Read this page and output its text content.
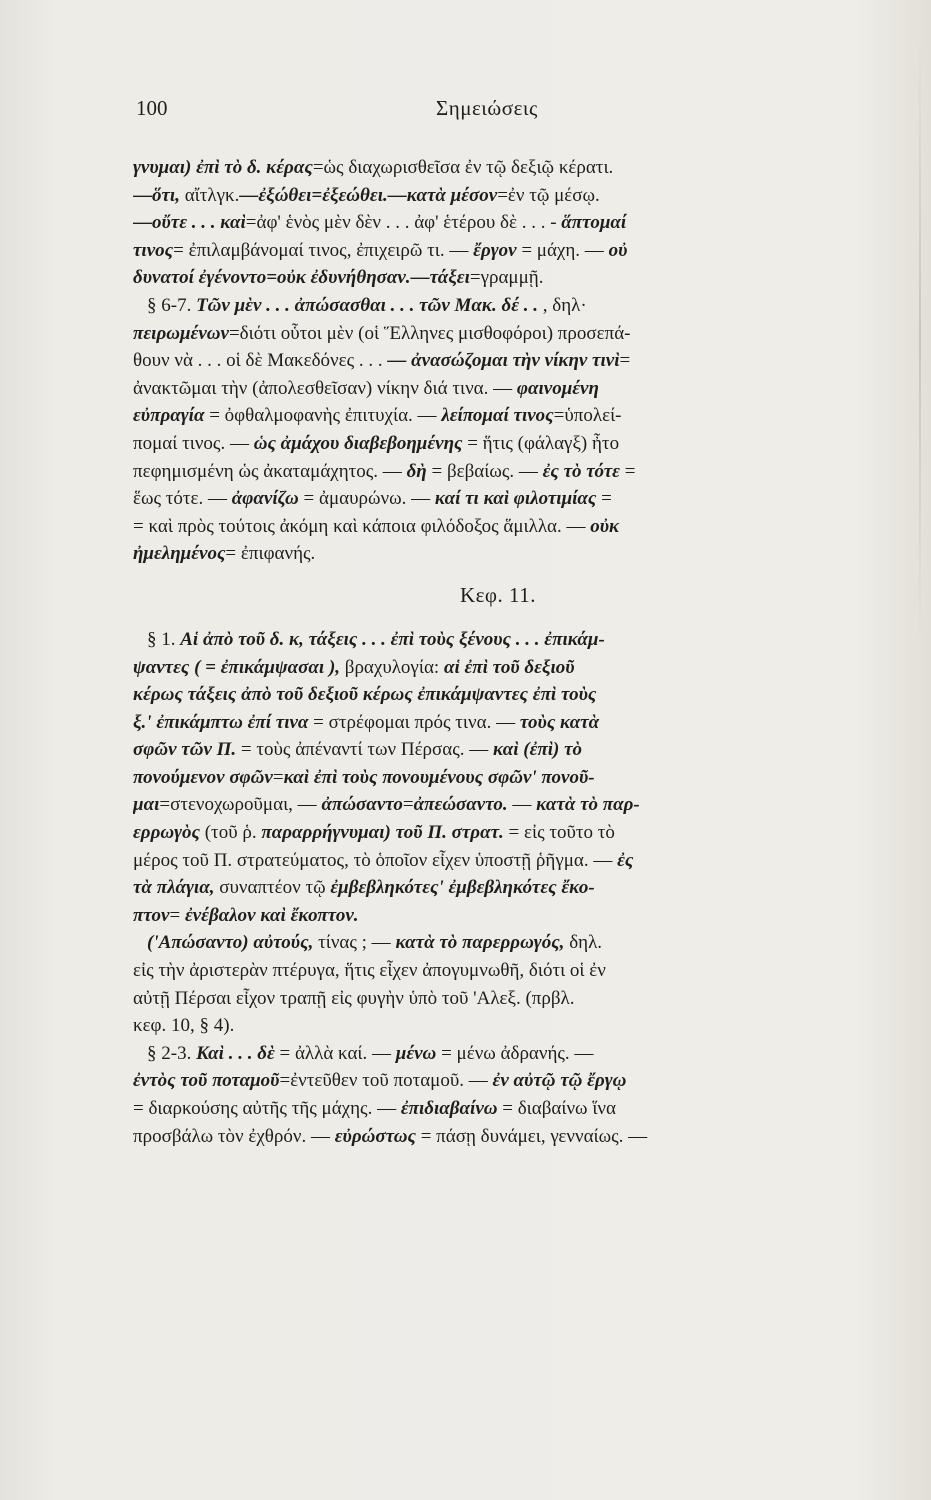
100	Σημειώσεις
γνυμαι) ἐπὶ τὸ δ. κέρας=ὡς διαχωρισθεῖσα ἐν τῷ δεξιῷ κέρατι.
—ὅτι, αἴτλγκ.—ἐξώθει=ἐξεώθει.—κατὰ μέσον=ἐν τῷ μέσῳ.
—οὔτε . . . καὶ=ἀφ' ἑνὸς μὲν δὲν . . . ἀφ' ἑτέρου δὲ . . . - ἅπτομαί
τινος= ἐπιλαμβάνομαί τινος, ἐπιχειρῶ τι. — ἔργον = μάχη. — οὐ
δυνατοί ἐγένοντο=οὐκ ἐδυνήθησαν.—τάξει=γραμμῇ.
§ 6-7. Τῶν μὲν . . . ἀπώσασθαι . . . τῶν Μακ. δέ . . , δηλ·
πειρωμένων=διότι οὗτοι μὲν (οἱ Ἕλληνες μισθοφόροι) προσεπά-
θουν νὰ . . . οἱ δὲ Μακεδόνες . . . — ἀνασώζομαι τὴν νίκην τινὶ=
ἀνακτῶμαι τὴν (ἀπολεσθεῖσαν) νίκην διά τινα. — φαινομένη
εὐπραγία = ὀφθαλμοφανὴς ἐπιτυχία. — λείπομαί τινος=ὑπολεί-
πομαί τινος. — ὡς ἀμάχου διαβεβοημένης = ἥτις (φάλαγξ) ἦτο
πεφημισμένη ὡς ἀκαταμάχητος. — δὴ = βεβαίως. — ἐς τὸ τότε =
ἕως τότε. — ἀφανίζω = ἀμαυρώνω. — καί τι καὶ φιλοτιμίας =
= καὶ πρὸς τούτοις ἀκόμη καὶ κάποια φιλόδοξος ἅμιλλα. — οὐκ
ἠμελημένος= ἐπιφανής.
Κεφ. 11.
§ 1. Αἱ ἀπὸ τοῦ δ. κ, τάξεις . . . ἐπὶ τοὺς ξένους . . . ἐπικάμ-
ψαντες ( = ἐπικάμψασαι ), βραχυλογία: αἱ ἐπὶ τοῦ δεξιοῦ
κέρως τάξεις ἀπὸ τοῦ δεξιοῦ κέρως ἐπικάμψαντες ἐπὶ τοὺς
ξ.' ἐπικάμπτω ἐπί τινα = στρέφομαι πρός τινα. — τοὺς κατὰ
σφῶν τῶν Π. = τοὺς ἀπέναντί των Πέρσας. — καὶ (ἐπὶ) τὸ
πονούμενον σφῶν=καὶ ἐπὶ τοὺς πονουμένους σφῶν' πονοῦ-
μαι=στενοχωροῦμαι, — ἀπώσαντο=ἀπεώσαντο. — κατὰ τὸ παρ-
ερρωγὸς (τοῦ ῥ. παραρρήγνυμαι) τοῦ Π. στρατ. = εἰς τοῦτο τὸ
μέρος τοῦ Π. στρατεύματος, τὸ ὁποῖον εἶχεν ὑποστῇ ῥῆγμα. — ἐς
τὰ πλάγια, συναπτέον τῷ ἐμβεβληκότες' ἐμβεβληκότες ἔκο-
πτον= ἐνέβαλον καὶ ἔκοπτον.
('Απώσαντο) αὐτούς, τίνας ; — κατὰ τὸ παρερρωγός, δηλ.
εἰς τὴν ἀριστερὰν πτέρυγα, ἥτις εἶχεν ἀπογυμνωθῆ, διότι οἱ ἐν
αὐτῇ Πέρσαι εἶχον τραπῇ εἰς φυγὴν ὑπὸ τοῦ 'Αλεξ. (πρβλ.
κεφ. 10, § 4).
§ 2-3. Καὶ . . . δὲ = ἀλλὰ καί. — μένω = μένω ἀδρανής. —
ἐντὸς τοῦ ποταμοῦ=ἐντεῦθεν τοῦ ποταμοῦ. — ἐν αὐτῷ τῷ ἔργῳ
= διαρκούσης αὐτῆς τῆς μάχης. — ἐπιδιαβαίνω = διαβαίνω ἵνα
προσβάλω τὸν ἐχθρόν. — εὐρώστως = πάσῃ δυνάμει, γενναίως. —
